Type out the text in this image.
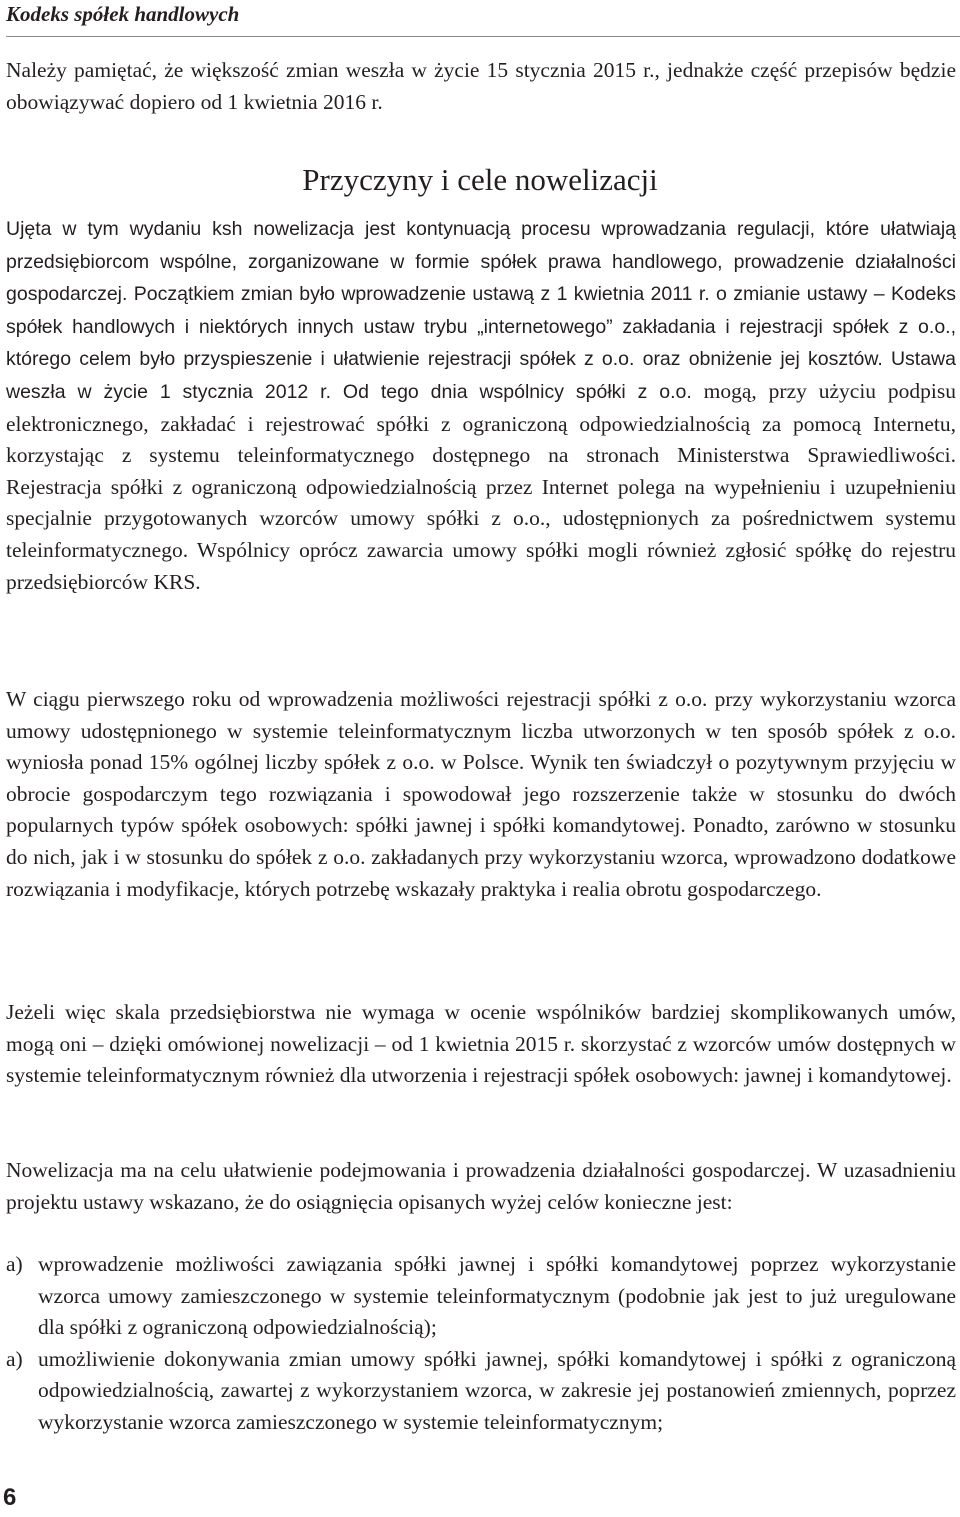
Kodeks spółek handlowych

Należy pamiętać, że większość zmian weszła w życie 15 stycznia 2015 r., jednakże część przepisów będzie obowiązywać dopiero od 1 kwietnia 2016 r.

Przyczyny i cele nowelizacji

Ujęta w tym wydaniu ksh nowelizacja jest kontynuacją procesu wprowadzania regulacji, które ułatwiają przedsiębiorcom wspólne, zorganizowane w formie spółek prawa handlowego, prowadzenie działalności gospodarczej. Początkiem zmian było wprowadzenie ustawą z 1 kwietnia 2011 r. o zmianie ustawy – Kodeks spółek handlowych i niektórych innych ustaw trybu „internetowego” zakładania i rejestracji spółek z o.o., którego celem było przyspieszenie i ułatwienie rejestracji spółek z o.o. oraz obniżenie jej kosztów. Ustawa weszła w życie 1 stycznia 2012 r. Od tego dnia wspólnicy spółki z o.o. mogą, przy użyciu podpisu elektronicznego, zakładać i rejestrować spółki z ograniczoną odpowiedzialnością za pomocą Internetu, korzystając z systemu teleinformatycznego dostępnego na stronach Ministerstwa Sprawiedliwości. Rejestracja spółki z ograniczoną odpowiedzialnością przez Internet polega na wypełnieniu i uzupełnieniu specjalnie przygotowanych wzorców umowy spółki z o.o., udostępnionych za pośrednictwem systemu teleinformatycznego. Wspólnicy oprócz zawarcia umowy spółki mogli również zgłosić spółkę do rejestru przedsiębiorców KRS.

W ciągu pierwszego roku od wprowadzenia możliwości rejestracji spółki z o.o. przy wykorzystaniu wzorca umowy udostępnionego w systemie teleinformatycznym liczba utworzonych w ten sposób spółek z o.o. wyniosła ponad 15% ogólnej liczby spółek z o.o. w Polsce. Wynik ten świadczył o pozytywnym przyjęciu w obrocie gospodarczym tego rozwiązania i spowodował jego rozszerzenie także w stosunku do dwóch popularnych typów spółek osobowych: spółki jawnej i spółki komandytowej. Ponadto, zarówno w stosunku do nich, jak i w stosunku do spółek z o.o. zakładanych przy wykorzystaniu wzorca, wprowadzono dodatkowe rozwiązania i modyfikacje, których potrzebę wskazały praktyka i realia obrotu gospodarczego.

Jeżeli więc skala przedsiębiorstwa nie wymaga w ocenie wspólników bardziej skomplikowanych umów, mogą oni – dzięki omówionej nowelizacji – od 1 kwietnia 2015 r. skorzystać z wzorców umów dostępnych w systemie teleinformatycznym również dla utworzenia i rejestracji spółek osobowych: jawnej i komandytowej.

Nowelizacja ma na celu ułatwienie podejmowania i prowadzenia działalności gospodarczej. W uzasadnieniu projektu ustawy wskazano, że do osiągnięcia opisanych wyżej celów konieczne jest:

a) wprowadzenie możliwości zawiązania spółki jawnej i spółki komandytowej poprzez wykorzystanie wzorca umowy zamieszczonego w systemie teleinformatycznym (podobnie jak jest to już uregulowane dla spółki z ograniczoną odpowiedzialnością);
a) umożliwienie dokonywania zmian umowy spółki jawnej, spółki komandytowej i spółki z ograniczoną odpowiedzialnością, zawartej z wykorzystaniem wzorca, w zakresie jej postanowień zmiennych, poprzez wykorzystanie wzorca zamieszczonego w systemie teleinformatycznym;
6
